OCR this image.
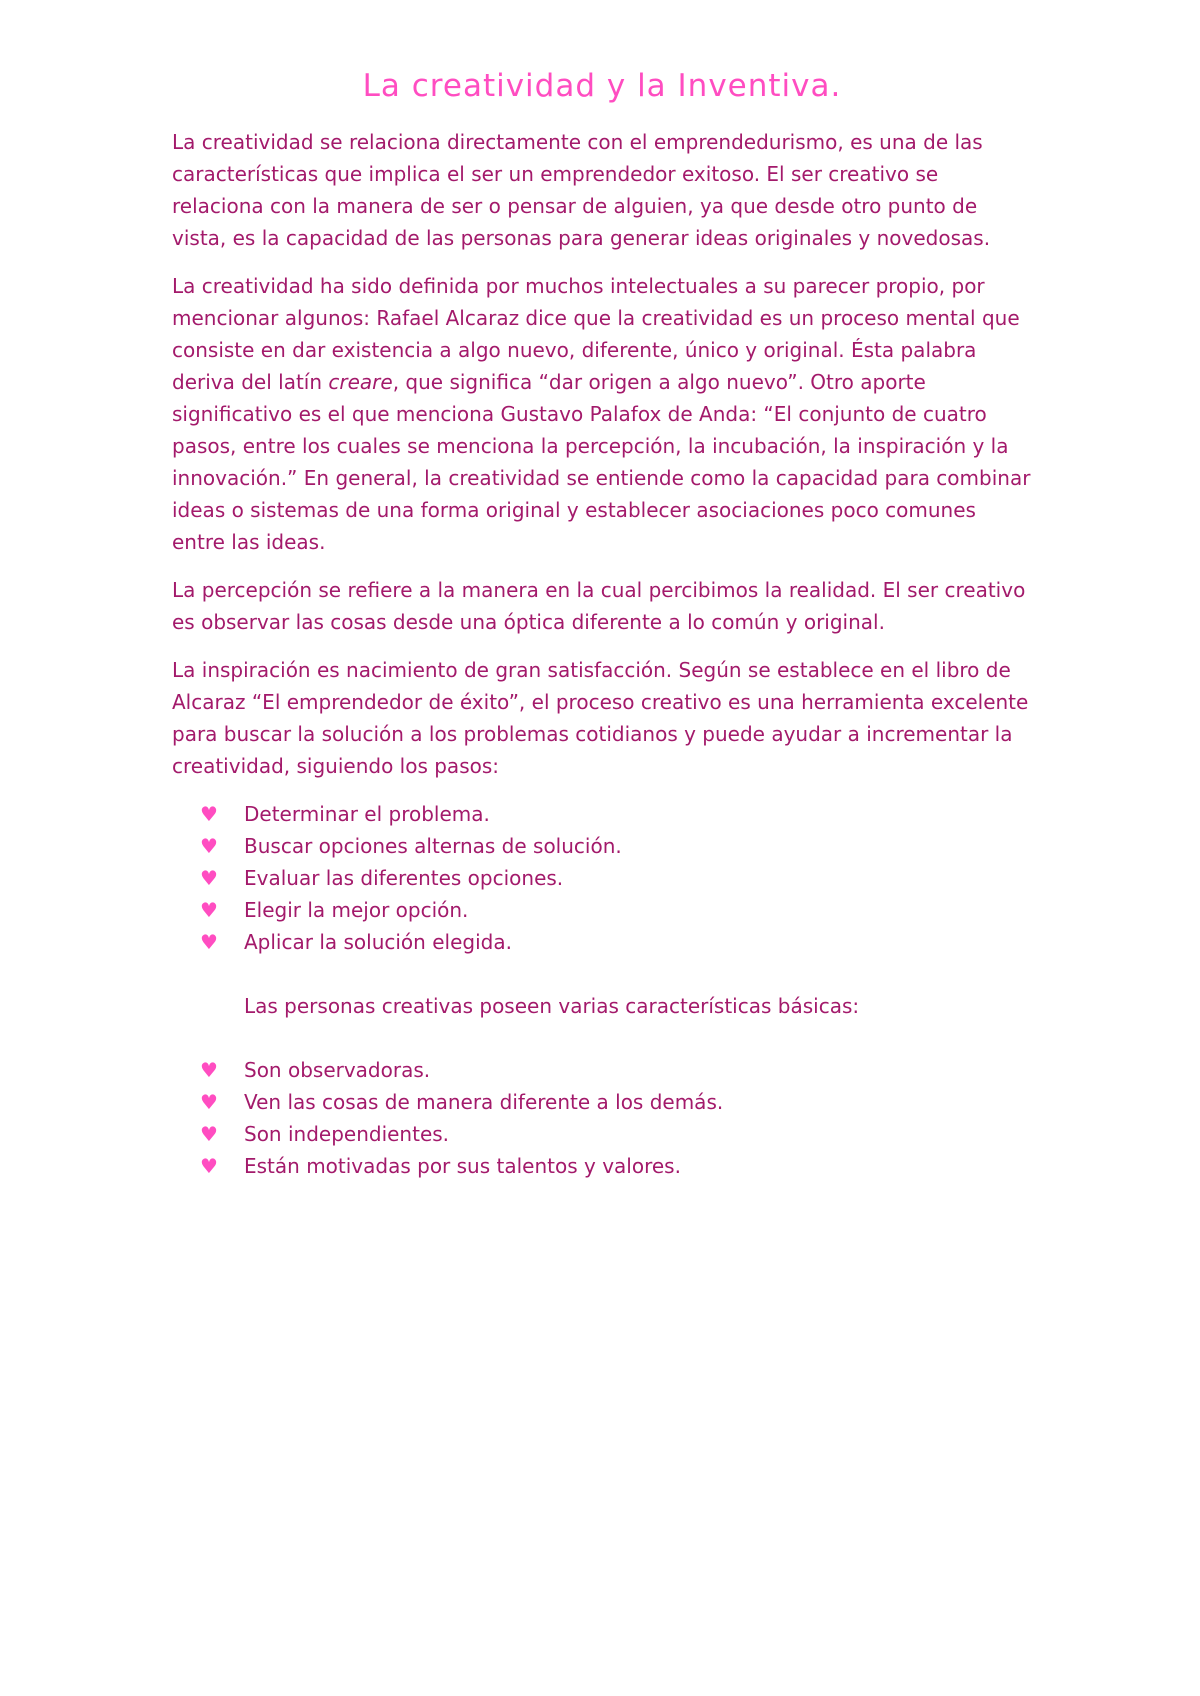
La creatividad y la Inventiva.

La creatividad se relaciona directamente con el emprendedurismo, es una de las características que implica el ser un emprendedor exitoso. El ser creativo se relaciona con la manera de ser o pensar de alguien, ya que desde otro punto de vista, es la capacidad de las personas para generar ideas originales y novedosas.

La creatividad ha sido definida por muchos intelectuales a su parecer propio, por mencionar algunos: Rafael Alcaraz dice que la creatividad es un proceso mental que consiste en dar existencia a algo nuevo, diferente, único y original. Ésta palabra deriva del latín creare, que significa “dar origen a algo nuevo”. Otro aporte significativo es el que menciona Gustavo Palafox de Anda: “El conjunto de cuatro pasos, entre los cuales se menciona la percepción, la incubación, la inspiración y la innovación.” En general, la creatividad se entiende como la capacidad para combinar ideas o sistemas de una forma original y establecer asociaciones poco comunes entre las ideas.

La percepción se refiere a la manera en la cual percibimos la realidad. El ser creativo es observar las cosas desde una óptica diferente a lo común y original.

La inspiración es nacimiento de gran satisfacción. Según se establece en el libro de Alcaraz “El emprendedor de éxito”, el proceso creativo es una herramienta excelente para buscar la solución a los problemas cotidianos y puede ayudar a incrementar la creatividad, siguiendo los pasos:

♥ Determinar el problema.
♥ Buscar opciones alternas de solución.
♥ Evaluar las diferentes opciones.
♥ Elegir la mejor opción.
♥ Aplicar la solución elegida.
Las personas creativas poseen varias características básicas:
♥ Son observadoras.
♥ Ven las cosas de manera diferente a los demás.
♥ Son independientes.
♥ Están motivadas por sus talentos y valores.
